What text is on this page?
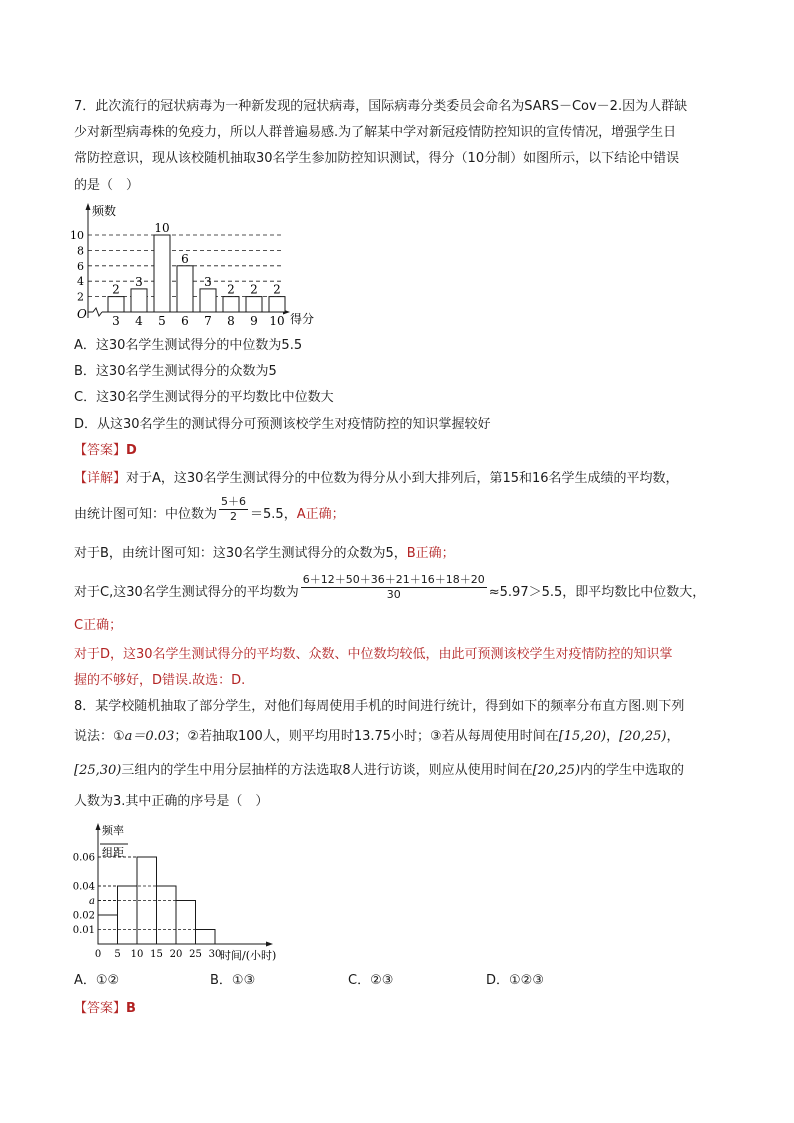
7．此次流行的冠状病毒为一种新发现的冠状病毒，国际病毒分类委员会命名为SARS－Cov－2.因为人群缺
少对新型病毒株的免疫力，所以人群普遍易感.为了解某中学对新冠疫情防控知识的宣传情况，增强学生日
常防控意识，现从该校随机抽取30名学生参加防控知识测试，得分（10分制）如图所示，以下结论中错误
的是（　）
频数
得分
O
2
4
6
8
10
2
3
3
4
10
5
6
6
3
7
2
8
2
9
2
10
A．这30名学生测试得分的中位数为5.5
B．这30名学生测试得分的众数为5
C．这30名学生测试得分的平均数比中位数大
D．从这30名学生的测试得分可预测该校学生对疫情防控的知识掌握较好
【答案】D
【详解】对于A，这30名学生测试得分的中位数为得分从小到大排列后，第15和16名学生成绩的平均数，
由统计图可知：中位数为 $\frac{5+6}{2} =5.5$，A正确；
对于B，由统计图可知：这30名学生测试得分的众数为5，B正确；
对于C,这30名学生测试得分的平均数为 $\frac{6+12+50+36+21+16+18+20}{30} \approx 5.97>5.5$，即平均数比中位数大，
C正确；
对于D，这30名学生测试得分的平均数、众数、中位数均较低，由此可预测该校学生对疫情防控的知识掌
握的不够好，D错误.故选：D.
8．某学校随机抽取了部分学生，对他们每周使用手机的时间进行统计，得到如下的频率分布直方图.则下列
说法：①a＝0.03；②若抽取100人，则平均用时13.75小时；③若从每周使用时间在[15,20)，[20,25)，
[25,30)三组内的学生中用分层抽样的方法选取8人进行访谈，则应从使用时间在[20,25)内的学生中选取的
人数为3.其中正确的序号是（　）
频率
组距
时间/(小时)
0.01
0.02
a
0.04
0.06
0 5 10 15 20 25 30
A．①②	B．①③	C．②③	D．①②③
【答案】B
